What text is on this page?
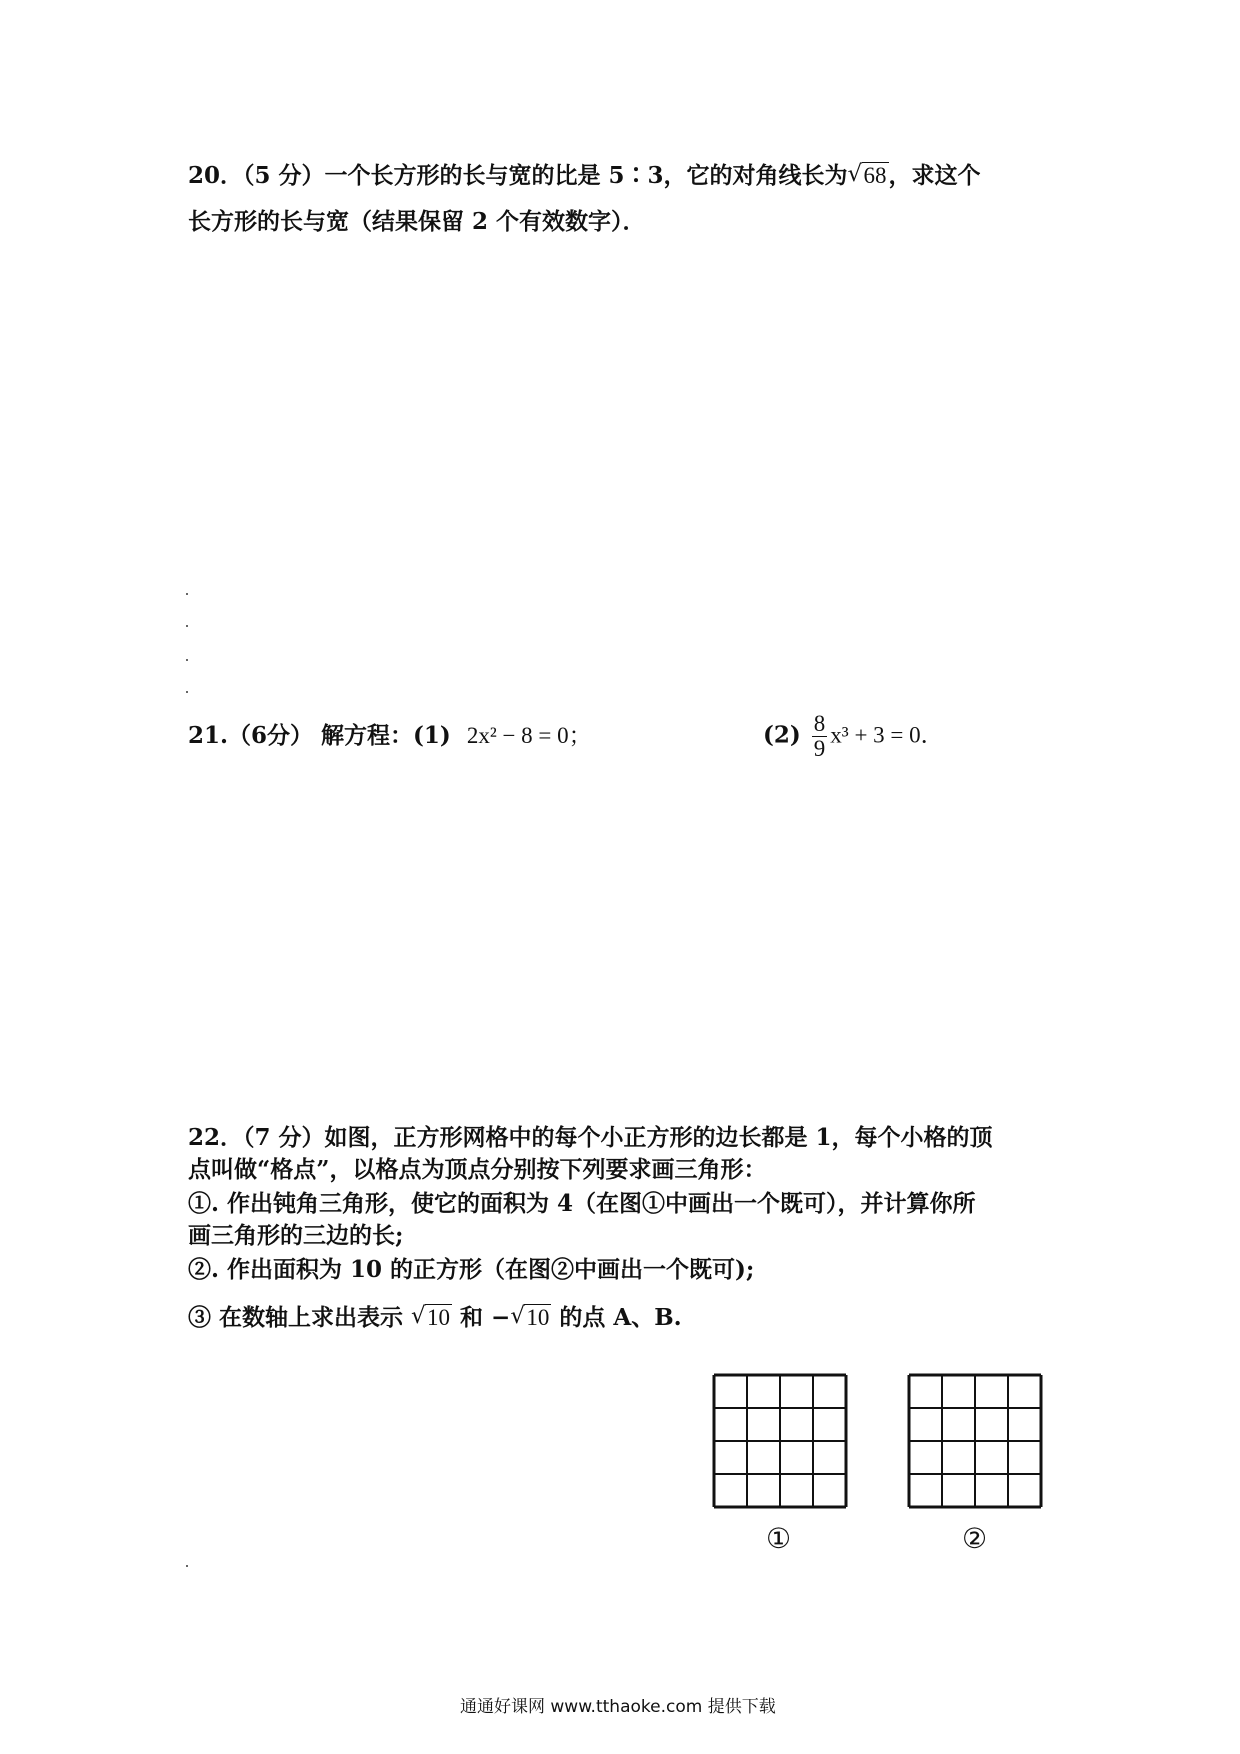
20．（5 分）一个长方形的长与宽的比是 5∶3，它的对角线长为 √ 68，求这个
长方形的长与宽（结果保留 2 个有效数字）．
21.（6分） 解方程：(1) 2x² − 8 = 0；	$(2) \frac{8}{9} x^3 + 3 = 0$．
22．（7 分）如图，正方形网格中的每个小正方形的边长都是 1，每个小格的顶
点叫做“格点”，以格点为顶点分别按下列要求画三角形：
①. 作出钝角三角形，使它的面积为 4（在图①中画出一个既可），并计算你所
画三角形的三边的长;
②. 作出面积为 10 的正方形（在图②中画出一个既可);
③ 在数轴上求出表示 √ 10 和 − √ 10 的点 A、B.
①	②
通通好课网 www.tthaoke.com 提供下载
